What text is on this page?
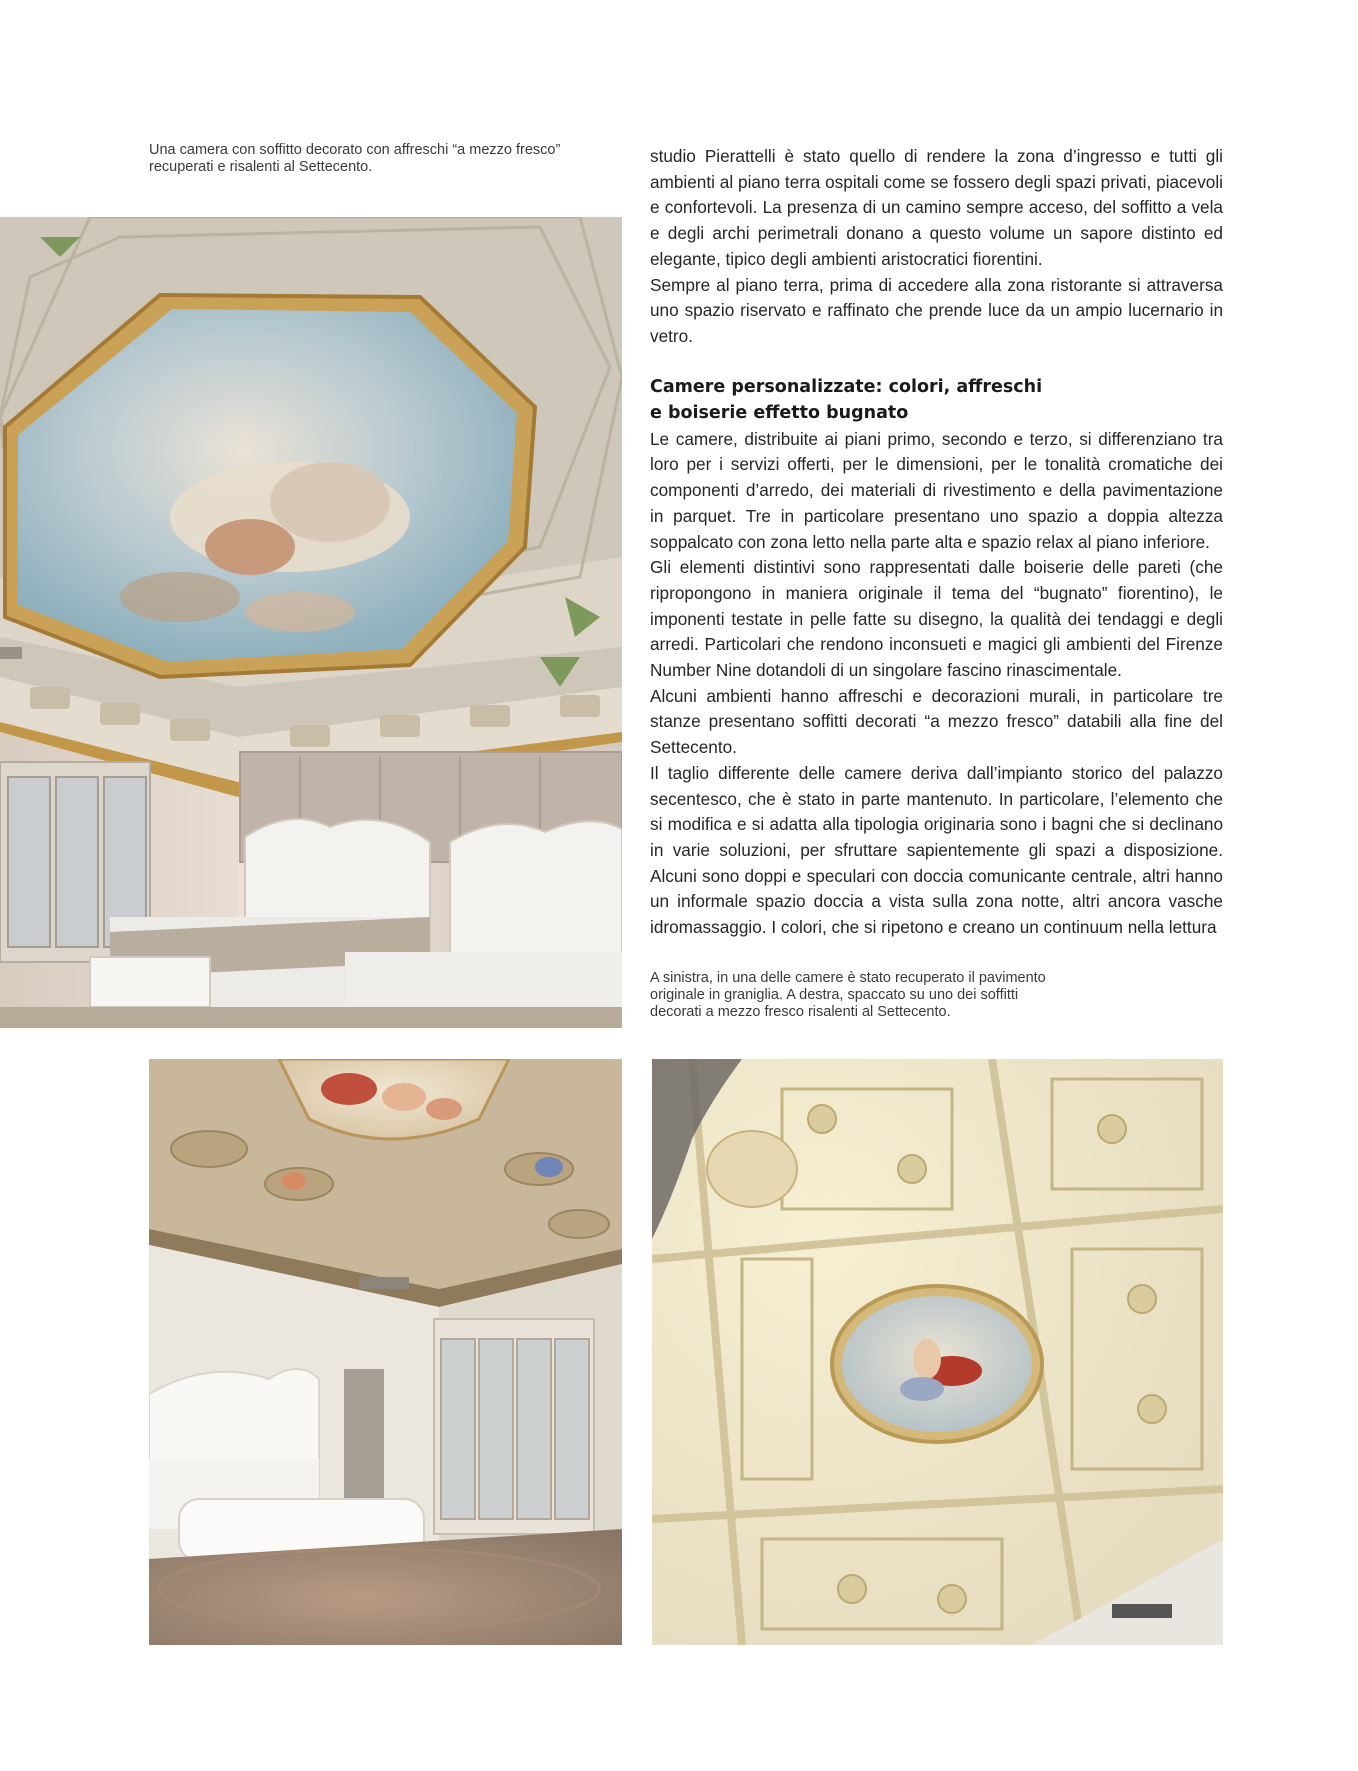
Una camera con soffitto decorato con affreschi “a mezzo fresco” recuperati e risalenti al Settecento.

studio Pierattelli è stato quello di rendere la zona d’ingresso e tutti gli ambienti al piano terra ospitali come se fossero degli spazi privati, piacevoli e confortevoli. La presenza di un camino sempre acceso, del soffitto a vela e degli archi perimetrali donano a questo volume un sapore distinto ed elegante, tipico degli ambienti aristocratici fiorentini.

Sempre al piano terra, prima di accedere alla zona ristorante si attraversa uno spazio riservato e raffinato che prende luce da un ampio lucernario in vetro.

Camere personalizzate: colori, affreschi
e boiserie effetto bugnato

Le camere, distribuite ai piani primo, secondo e terzo, si differenziano tra loro per i servizi offerti, per le dimensioni, per le tonalità cromatiche dei componenti d’arredo, dei materiali di rivestimento e della pavimentazione in parquet. Tre in particolare presentano uno spazio a doppia altezza soppalcato con zona letto nella parte alta e spazio relax al piano inferiore.

Gli elementi distintivi sono rappresentati dalle boiserie delle pareti (che ripropongono in maniera originale il tema del “bugnato” fiorentino), le imponenti testate in pelle fatte su disegno, la qualità dei tendaggi e degli arredi. Particolari che rendono inconsueti e magici gli ambienti del Firenze Number Nine dotandoli di un singolare fascino rinascimentale.

Alcuni ambienti hanno affreschi e decorazioni murali, in particolare tre stanze presentano soffitti decorati “a mezzo fresco” databili alla fine del Settecento.

Il taglio differente delle camere deriva dall’impianto storico del palazzo secentesco, che è stato in parte mantenuto. In particolare, l’elemento che si modifica e si adatta alla tipologia originaria sono i bagni che si declinano in varie soluzioni, per sfruttare sapientemente gli spazi a disposizione. Alcuni sono doppi e speculari con doccia comunicante centrale, altri hanno un informale spazio doccia a vista sulla zona notte, altri ancora vasche idromassaggio. I colori, che si ripetono e creano un continuum nella lettura

A sinistra, in una delle camere è stato recuperato il pavimento originale in graniglia. A destra, spaccato su uno dei soffitti decorati a mezzo fresco risalenti al Settecento.
